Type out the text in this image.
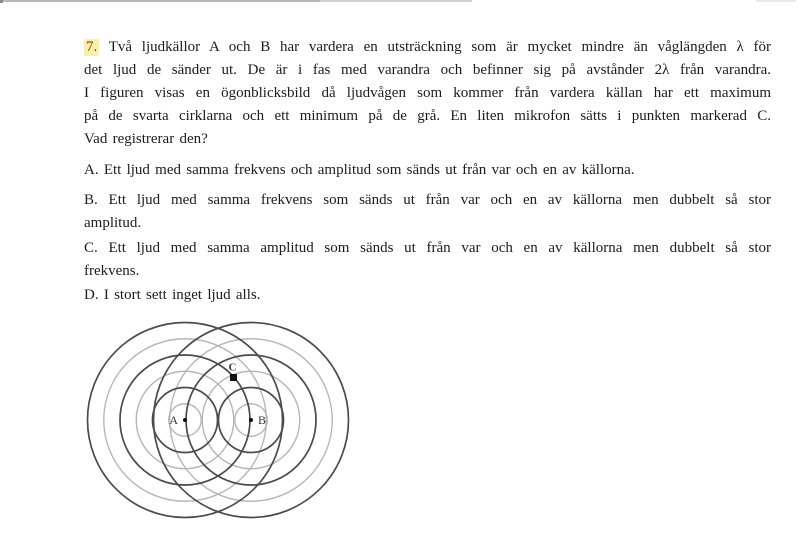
7. Två ljudkällor A och B har vardera en utsträckning som är mycket mindre än våglängden λ för
det ljud de sänder ut. De är i fas med varandra och befinner sig på avstånder 2λ från varandra.
I figuren visas en ögonblicksbild då ljudvågen som kommer från vardera källan har ett maximum
på de svarta cirklarna och ett minimum på de grå. En liten mikrofon sätts i punkten markerad C.
Vad registrerar den?
A. Ett ljud med samma frekvens och amplitud som sänds ut från var och en av källorna.
B. Ett ljud med samma frekvens som sänds ut från var och en av källorna men dubbelt så stor
amplitud.
C. Ett ljud med samma amplitud som sänds ut från var och en av källorna men dubbelt så stor
frekvens.
D. I stort sett inget ljud alls.
A	B
C
